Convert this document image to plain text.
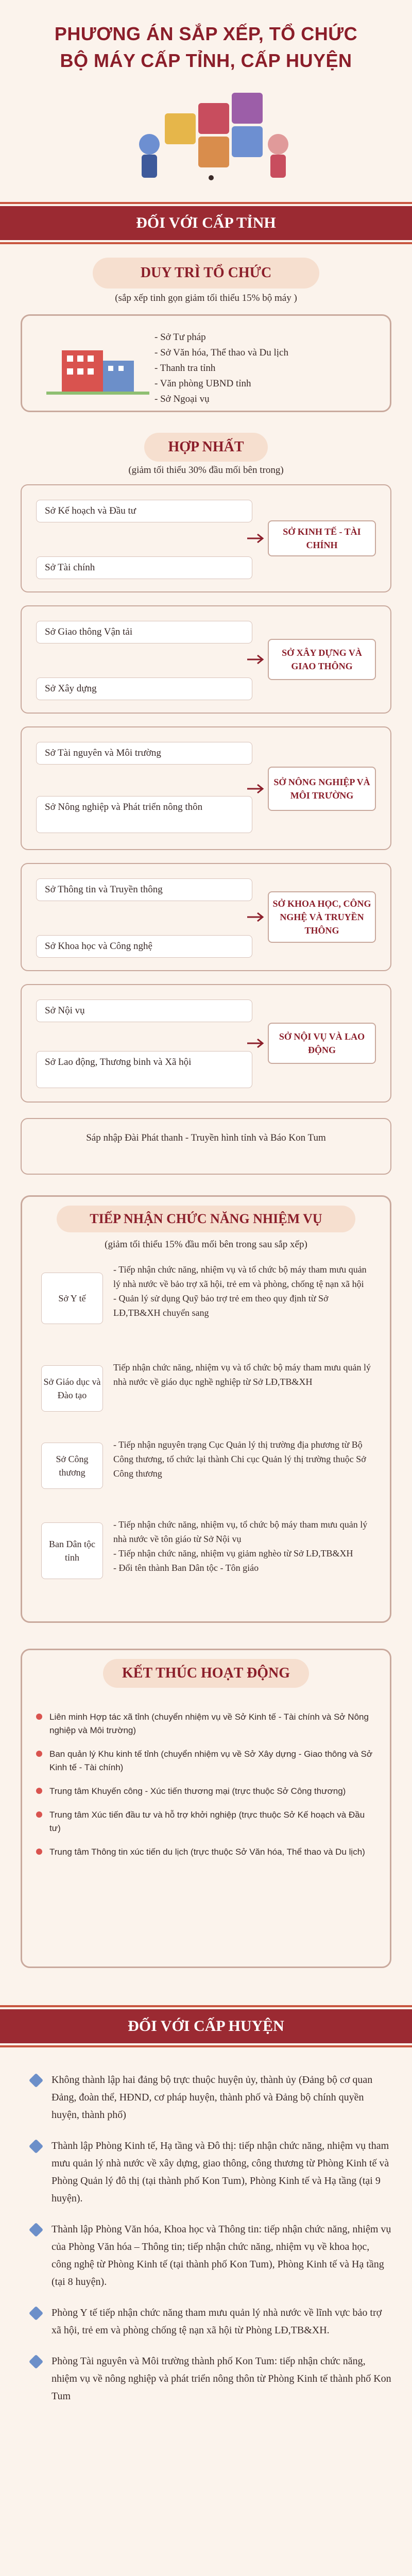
PHƯƠNG ÁN SẮP XẾP, TỔ CHỨC
BỘ MÁY CẤP TỈNH, CẤP HUYỆN
ĐỐI VỚI CẤP TỈNH
DUY TRÌ TỔ CHỨC
(sắp xếp tinh gọn giảm tối thiểu 15% bộ máy )
- Sở Tư pháp
- Sở Văn hóa, Thể thao và Du lịch
- Thanh tra tỉnh
- Văn phòng UBND tỉnh
- Sở Ngoại vụ
HỢP NHẤT
(giảm tối thiểu 30% đầu mối bên trong)
Sở Kế hoạch và Đầu tư
Sở Tài chính
SỞ KINH TẾ - TÀI CHÍNH
Sở Giao thông Vận tải
Sở Xây dựng
SỞ XÂY DỰNG VÀ GIAO THÔNG
Sở Tài nguyên và Môi trường
Sở Nông nghiệp và Phát triển nông thôn
SỞ NÔNG NGHIỆP VÀ MÔI TRƯỜNG
Sở Thông tin và Truyền thông
Sở Khoa học và Công nghệ
SỞ KHOA HỌC, CÔNG NGHỆ VÀ TRUYỀN THÔNG
Sở Nội vụ
Sở Lao động, Thương binh và Xã hội
SỞ NỘI VỤ VÀ LAO ĐỘNG
Sáp nhập Đài Phát thanh - Truyền hình tỉnh và Báo Kon Tum
TIẾP NHẬN CHỨC NĂNG NHIỆM VỤ
(giảm tối thiểu 15% đầu mối bên trong sau sắp xếp)
Sở Y tế
- Tiếp nhận chức năng, nhiệm vụ và tổ chức bộ máy tham mưu quản lý nhà nước về bảo trợ xã hội, trẻ em và phòng, chống tệ nạn xã hội
- Quản lý sử dụng Quỹ bảo trợ trẻ em theo quy định từ Sở LĐ,TB&XH chuyển sang
Sở Giáo dục và Đào tạo
Tiếp nhận chức năng, nhiệm vụ và tổ chức bộ máy tham mưu quản lý nhà nước về giáo dục nghề nghiệp từ Sở LĐ,TB&XH
Sở Công thương
- Tiếp nhận nguyên trạng Cục Quản lý thị trường địa phương từ Bộ Công thương, tổ chức lại thành Chi cục Quản lý thị trường thuộc Sở Công thương
Ban Dân tộc tỉnh
- Tiếp nhận chức năng, nhiệm vụ, tổ chức bộ máy tham mưu quản lý nhà nước về tôn giáo từ Sở Nội vụ
- Tiếp nhận chức năng, nhiệm vụ giảm nghèo từ Sở LĐ,TB&XH
- Đổi tên thành Ban Dân tộc - Tôn giáo
KẾT THÚC HOẠT ĐỘNG
Liên minh Hợp tác xã tỉnh (chuyển nhiệm vụ về Sở Kinh tế - Tài chính và Sở Nông nghiệp và Môi trường)
Ban quản lý Khu kinh tế tỉnh (chuyển nhiệm vụ về Sở Xây dựng - Giao thông và Sở Kinh tế - Tài chính)
Trung tâm Khuyến công - Xúc tiến thương mại (trực thuộc Sở Công thương)
Trung tâm Xúc tiến đầu tư và hỗ trợ khởi nghiệp (trực thuộc Sở Kế hoạch và Đầu tư)
Trung tâm Thông tin xúc tiến du lịch (trực thuộc Sở Văn hóa, Thể thao và Du lịch)
ĐỐI VỚI CẤP HUYỆN
Không thành lập hai đảng bộ trực thuộc huyện ủy, thành ủy (Đảng bộ cơ quan Đảng, đoàn thể, HĐND, cơ pháp huyện, thành phố và Đảng bộ chính quyền huyện, thành phố)
Thành lập Phòng Kinh tế, Hạ tầng và Đô thị: tiếp nhận chức năng, nhiệm vụ tham mưu quản lý nhà nước về xây dựng, giao thông, công thương từ Phòng Kinh tế và Phòng Quản lý đô thị (tại thành phố Kon Tum), Phòng Kinh tế và Hạ tầng (tại 9 huyện).
Thành lập Phòng Văn hóa, Khoa học và Thông tin: tiếp nhận chức năng, nhiệm vụ của Phòng Văn hóa – Thông tin; tiếp nhận chức năng, nhiệm vụ về khoa học, công nghệ từ Phòng Kinh tế (tại thành phố Kon Tum), Phòng Kinh tế và Hạ tầng (tại 8 huyện).
Phòng Y tế tiếp nhận chức năng tham mưu quản lý nhà nước về lĩnh vực bảo trợ xã hội, trẻ em và phòng chống tệ nạn xã hội từ Phòng LĐ,TB&XH.
Phòng Tài nguyên và Môi trường thành phố Kon Tum: tiếp nhận chức năng, nhiệm vụ về nông nghiệp và phát triển nông thôn từ Phòng Kinh tế thành phố Kon Tum
